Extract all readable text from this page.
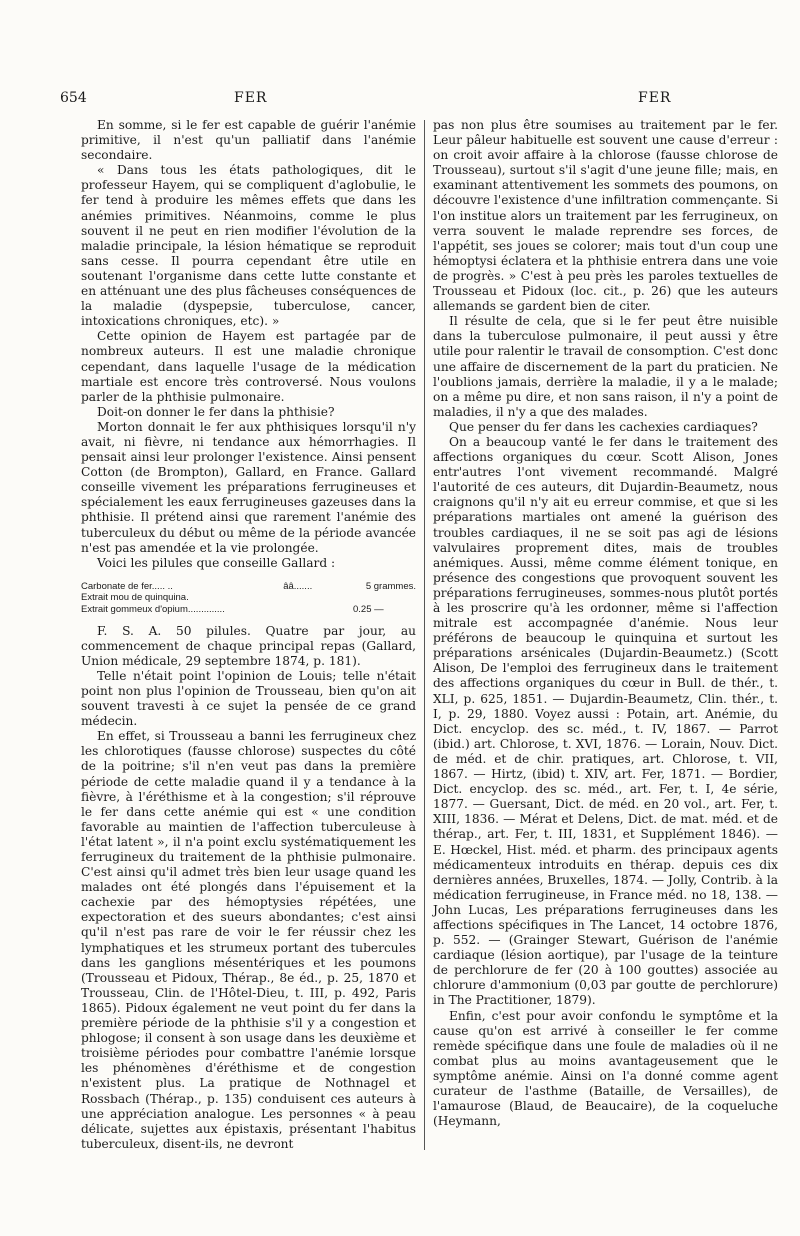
654	FER	FER

En somme, si le fer est capable de guérir l'anémie primitive, il n'est qu'un palliatif dans l'anémie secondaire.

« Dans tous les états pathologiques, dit le professeur Hayem, qui se compliquent d'aglobulie, le fer tend à produire les mêmes effets que dans les anémies primitives. Néanmoins, comme le plus souvent il ne peut en rien modifier l'évolution de la maladie principale, la lésion hématique se reproduit sans cesse. Il pourra cependant être utile en soutenant l'organisme dans cette lutte constante et en atténuant une des plus fâcheuses conséquences de la maladie (dyspepsie, tuberculose, cancer, intoxications chroniques, etc). »

Cette opinion de Hayem est partagée par de nombreux auteurs. Il est une maladie chronique cependant, dans laquelle l'usage de la médication martiale est encore très controversé. Nous voulons parler de la phthisie pulmonaire.

Doit-on donner le fer dans la phthisie?

Morton donnait le fer aux phthisiques lorsqu'il n'y avait, ni fièvre, ni tendance aux hémorrhagies. Il pensait ainsi leur prolonger l'existence. Ainsi pensent Cotton (de Brompton), Gallard, en France. Gallard conseille vivement les préparations ferrugineuses et spécialement les eaux ferrugineuses gazeuses dans la phthisie. Il prétend ainsi que rarement l'anémie des tuberculeux du début ou même de la période avancée n'est pas amendée et la vie prolongée.

Voici les pilules que conseille Gallard :

Carbonate de fer..... ..	ââ.......	5 grammes.
Extrait mou de quinquina.
Extrait gommeux d'opium..............	0.25 —

F. S. A. 50 pilules. Quatre par jour, au commencement de chaque principal repas (Gallard, Union médicale, 29 septembre 1874, p. 181).

Telle n'était point l'opinion de Louis; telle n'était point non plus l'opinion de Trousseau, bien qu'on ait souvent travesti à ce sujet la pensée de ce grand médecin.

En effet, si Trousseau a banni les ferrugineux chez les chlorotiques (fausse chlorose) suspectes du côté de la poitrine; s'il n'en veut pas dans la première période de cette maladie quand il y a tendance à la fièvre, à l'éréthisme et à la congestion; s'il réprouve le fer dans cette anémie qui est « une condition favorable au maintien de l'affection tuberculeuse à l'état latent », il n'a point exclu systématiquement les ferrugineux du traitement de la phthisie pulmonaire. C'est ainsi qu'il admet très bien leur usage quand les malades ont été plongés dans l'épuisement et la cachexie par des hémoptysies répétées, une expectoration et des sueurs abondantes; c'est ainsi qu'il n'est pas rare de voir le fer réussir chez les lymphatiques et les strumeux portant des tubercules dans les ganglions mésentériques et les poumons (Trousseau et Pidoux, Thérap., 8e éd., p. 25, 1870 et Trousseau, Clin. de l'Hôtel-Dieu, t. III, p. 492, Paris 1865). Pidoux également ne veut point du fer dans la première période de la phthisie s'il y a congestion et phlogose; il consent à son usage dans les deuxième et troisième périodes pour combattre l'anémie lorsque les phénomènes d'éréthisme et de congestion n'existent plus. La pratique de Nothnagel et Rossbach (Thérap., p. 135) conduisent ces auteurs à une appréciation analogue. Les personnes « à peau délicate, sujettes aux épistaxis, présentant l'habitus tuberculeux, disent-ils, ne devront

pas non plus être soumises au traitement par le fer. Leur pâleur habituelle est souvent une cause d'erreur : on croit avoir affaire à la chlorose (fausse chlorose de Trousseau), surtout s'il s'agit d'une jeune fille; mais, en examinant attentivement les sommets des poumons, on découvre l'existence d'une infiltration commençante. Si l'on institue alors un traitement par les ferrugineux, on verra souvent le malade reprendre ses forces, de l'appétit, ses joues se colorer; mais tout d'un coup une hémoptysi éclatera et la phthisie entrera dans une voie de progrès. » C'est à peu près les paroles textuelles de Trousseau et Pidoux (loc. cit., p. 26) que les auteurs allemands se gardent bien de citer.

Il résulte de cela, que si le fer peut être nuisible dans la tuberculose pulmonaire, il peut aussi y être utile pour ralentir le travail de consomption. C'est donc une affaire de discernement de la part du praticien. Ne l'oublions jamais, derrière la maladie, il y a le malade; on a même pu dire, et non sans raison, il n'y a point de maladies, il n'y a que des malades.

Que penser du fer dans les cachexies cardiaques?

On a beaucoup vanté le fer dans le traitement des affections organiques du cœur. Scott Alison, Jones entr'autres l'ont vivement recommandé. Malgré l'autorité de ces auteurs, dit Dujardin-Beaumetz, nous craignons qu'il n'y ait eu erreur commise, et que si les préparations martiales ont amené la guérison des troubles cardiaques, il ne se soit pas agi de lésions valvulaires proprement dites, mais de troubles anémiques. Aussi, même comme élément tonique, en présence des congestions que provoquent souvent les préparations ferrugineuses, sommes-nous plutôt portés à les proscrire qu'à les ordonner, même si l'affection mitrale est accompagnée d'anémie. Nous leur préférons de beaucoup le quinquina et surtout les préparations arsénicales (Dujardin-Beaumetz.) (Scott Alison, De l'emploi des ferrugineux dans le traitement des affections organiques du cœur in Bull. de thér., t. XLI, p. 625, 1851. — Dujardin-Beaumetz, Clin. thér., t. I, p. 29, 1880. Voyez aussi : Potain, art. Anémie, du Dict. encyclop. des sc. méd., t. IV, 1867. — Parrot (ibid.) art. Chlorose, t. XVI, 1876. — Lorain, Nouv. Dict. de méd. et de chir. pratiques, art. Chlorose, t. VII, 1867. — Hirtz, (ibid) t. XIV, art. Fer, 1871. — Bordier, Dict. encyclop. des sc. méd., art. Fer, t. I, 4e série, 1877. — Guersant, Dict. de méd. en 20 vol., art. Fer, t. XIII, 1836. — Mérat et Delens, Dict. de mat. méd. et de thérap., art. Fer, t. III, 1831, et Supplément 1846). — E. Hœckel, Hist. méd. et pharm. des principaux agents médicamenteux introduits en thérap. depuis ces dix dernières années, Bruxelles, 1874. — Jolly, Contrib. à la médication ferrugineuse, in France méd. no 18, 138. — John Lucas, Les préparations ferrugineuses dans les affections spécifiques in The Lancet, 14 octobre 1876, p. 552. — (Grainger Stewart, Guérison de l'anémie cardiaque (lésion aortique), par l'usage de la teinture de perchlorure de fer (20 à 100 gouttes) associée au chlorure d'ammonium (0,03 par goutte de perchlorure) in The Practitioner, 1879).

Enfin, c'est pour avoir confondu le symptôme et la cause qu'on est arrivé à conseiller le fer comme remède spécifique dans une foule de maladies où il ne combat plus au moins avantageusement que le symptôme anémie. Ainsi on l'a donné comme agent curateur de l'asthme (Bataille, de Versailles), de l'amaurose (Blaud, de Beaucaire), de la coqueluche (Heymann,
